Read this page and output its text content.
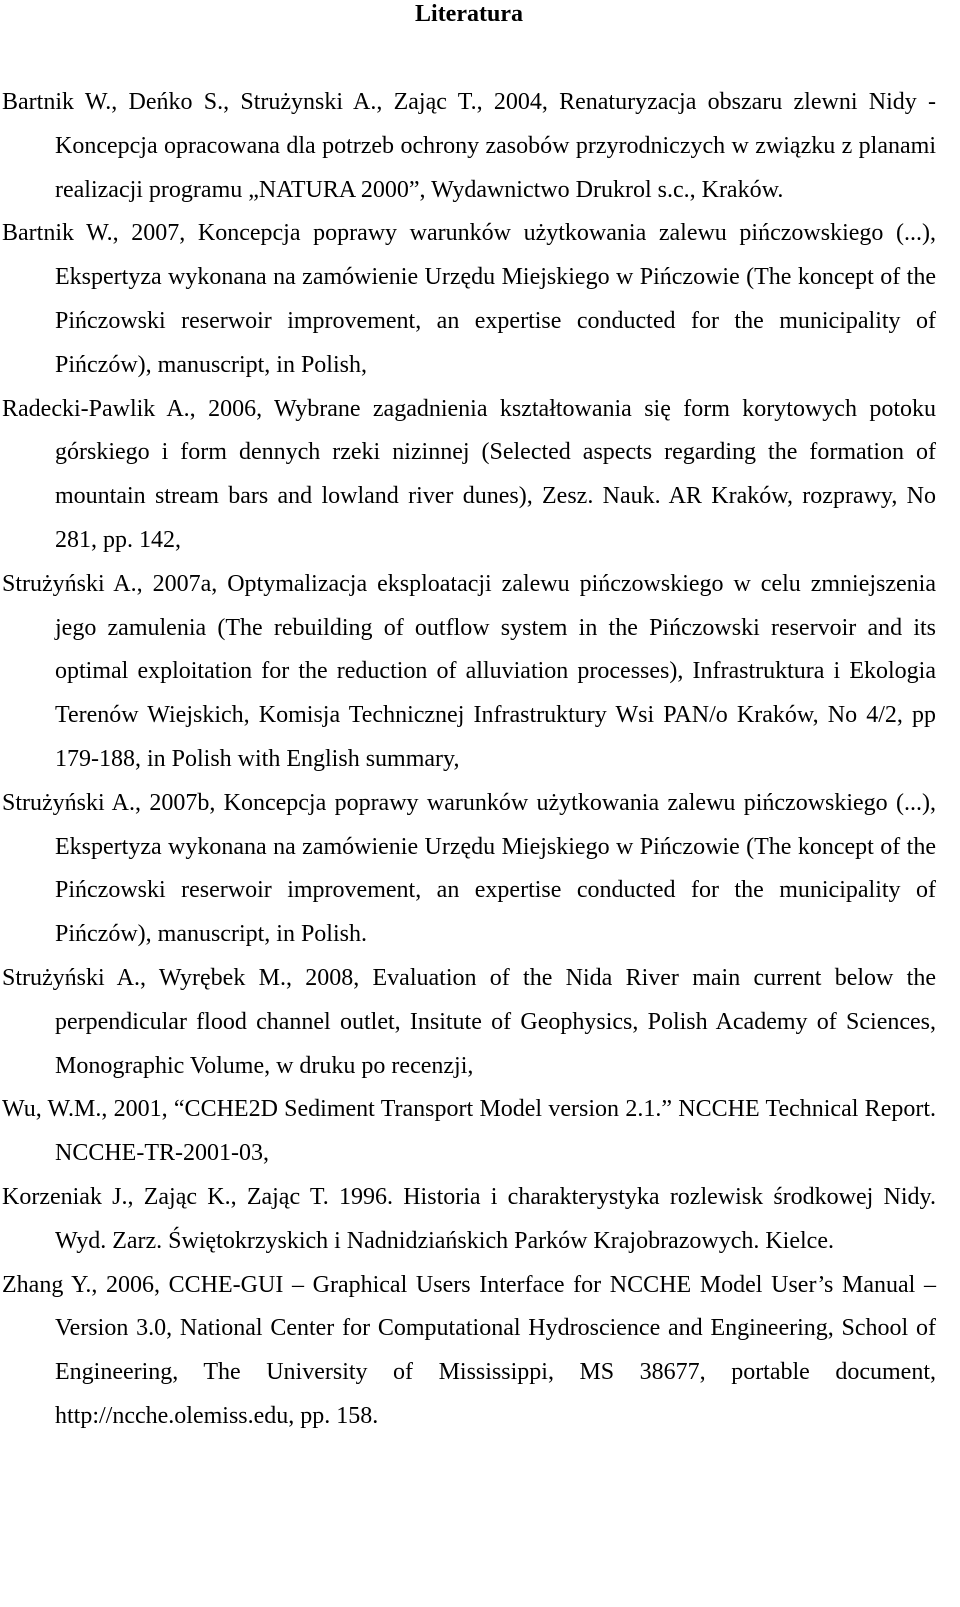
Literatura
Bartnik W., Deńko S., Strużynski A., Zając T., 2004, Renaturyzacja obszaru zlewni Nidy - Koncepcja opracowana dla potrzeb ochrony zasobów przyrodniczych w związku z planami realizacji programu „NATURA 2000”, Wydawnictwo Drukrol s.c., Kraków.
Bartnik W., 2007, Koncepcja poprawy warunków użytkowania zalewu pińczowskiego (...), Ekspertyza wykonana na zamówienie Urzędu Miejskiego w Pińczowie (The koncept of the Pińczowski reserwoir improvement, an expertise conducted for the municipality of Pińczów), manuscript, in Polish,
Radecki-Pawlik A., 2006, Wybrane zagadnienia kształtowania się form korytowych potoku górskiego i form dennych rzeki nizinnej (Selected aspects regarding the formation of mountain stream bars and lowland river dunes), Zesz. Nauk. AR Kraków, rozprawy, No 281, pp. 142,
Strużyński A., 2007a, Optymalizacja eksploatacji zalewu pińczowskiego w celu zmniejszenia jego zamulenia (The rebuilding of outflow system in the Pińczowski reservoir and its optimal exploitation for the reduction of alluviation processes), Infrastruktura i Ekologia Terenów Wiejskich, Komisja Technicznej Infrastruktury Wsi PAN/o Kraków, No 4/2, pp 179-188, in Polish with English summary,
Strużyński A., 2007b, Koncepcja poprawy warunków użytkowania zalewu pińczowskiego (...), Ekspertyza wykonana na zamówienie Urzędu Miejskiego w Pińczowie (The koncept of the Pińczowski reserwoir improvement, an expertise conducted for the municipality of Pińczów), manuscript, in Polish.
Strużyński A., Wyrębek M., 2008, Evaluation of the Nida River main current below the perpendicular flood channel outlet, Insitute of Geophysics, Polish Academy of Sciences, Monographic Volume, w druku po recenzji,
Wu, W.M., 2001, “CCHE2D Sediment Transport Model version 2.1.” NCCHE Technical Report. NCCHE-TR-2001-03,
Korzeniak J., Zając K., Zając T. 1996. Historia i charakterystyka rozlewisk środkowej Nidy. Wyd. Zarz. Świętokrzyskich i Nadnidziańskich Parków Krajobrazowych. Kielce.
Zhang Y., 2006, CCHE-GUI – Graphical Users Interface for NCCHE Model User’s Manual – Version 3.0, National Center for Computational Hydroscience and Engineering, School of Engineering, The University of Mississippi, MS 38677, portable document, http://ncche.olemiss.edu, pp. 158.
